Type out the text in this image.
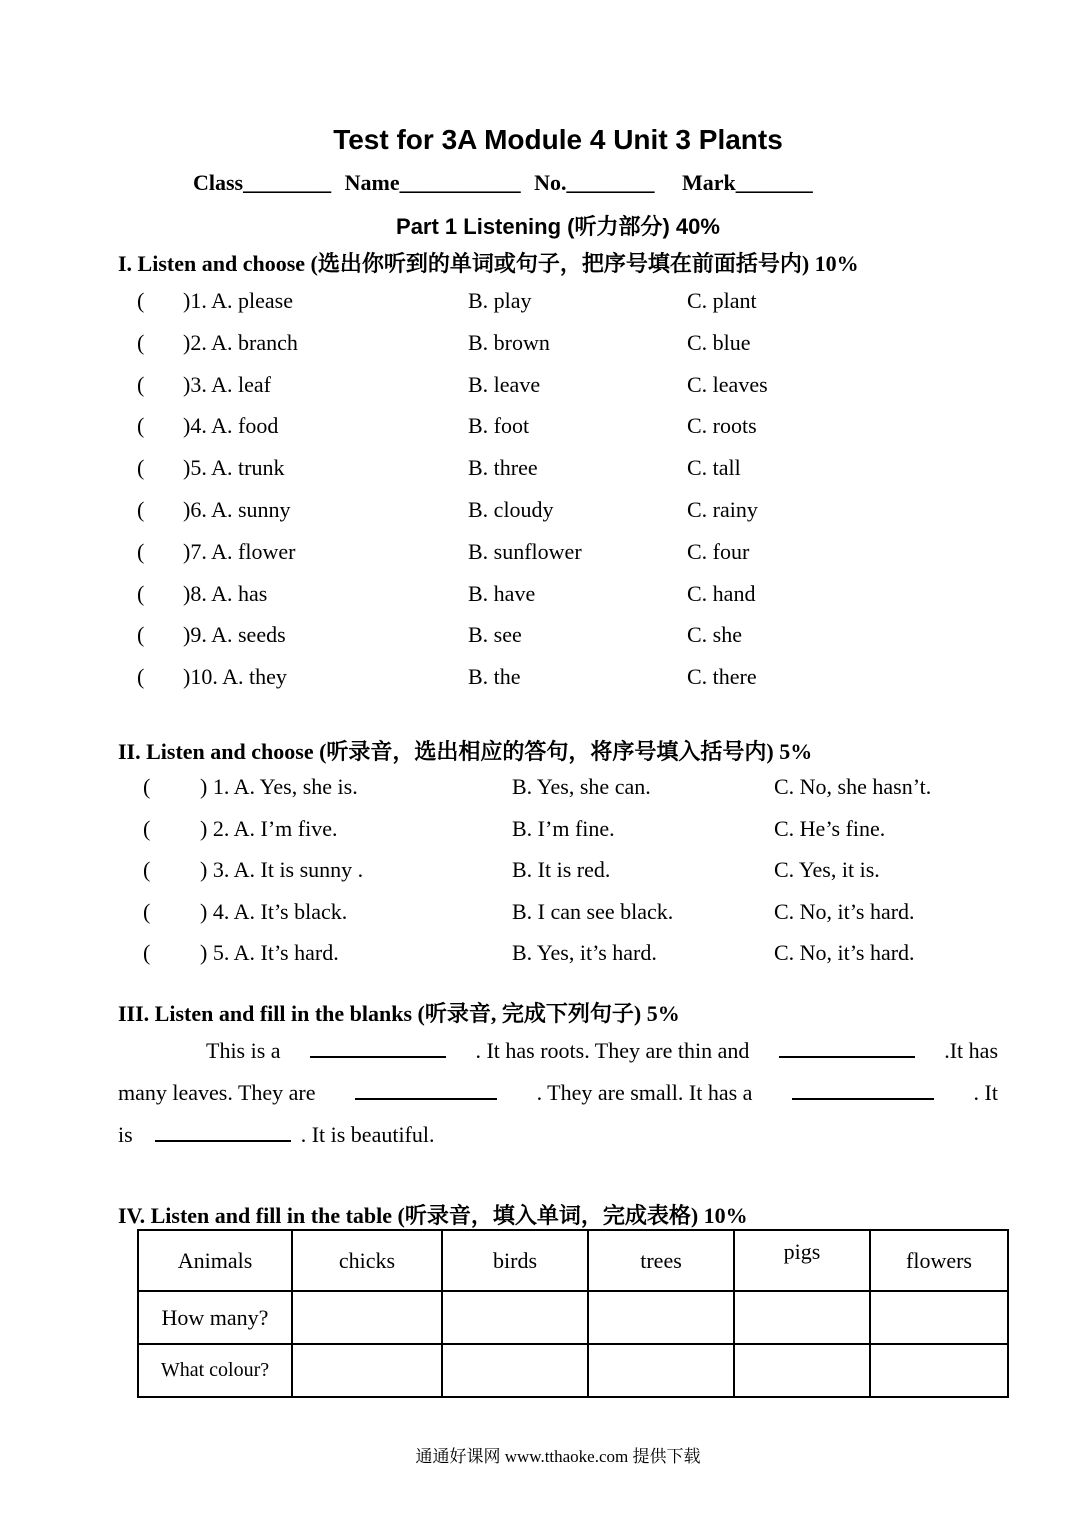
Test for 3A Module 4 Unit 3 Plants
Class________ Name___________ No.________ Mark_______
Part 1 Listening (听力部分) 40%
I. Listen and choose (选出你听到的单词或句子，把序号填在前面括号内) 10%
( )1. A. please	B. play	C. plant
( )2. A. branch	B. brown	C. blue
( )3. A. leaf	B. leave	C. leaves
( )4. A. food	B. foot	C. roots
( )5. A. trunk	B. three	C. tall
( )6. A. sunny	B. cloudy	C. rainy
( )7. A. flower	B. sunflower	C. four
( )8. A. has	B. have	C. hand
( )9. A. seeds	B. see	C. she
( )10. A. they	B. the	C. there
II. Listen and choose (听录音，选出相应的答句，将序号填入括号内) 5%
( ) 1. A. Yes, she is.	B. Yes, she can.	C. No, she hasn’t.
( ) 2. A. I’m five.	B. I’m fine.	C. He’s fine.
( ) 3. A. It is sunny .	B. It is red.	C. Yes, it is.
( ) 4. A. It’s black.	B. I can see black.	C. No, it’s hard.
( ) 5. A. It’s hard.	B. Yes, it’s hard.	C. No, it’s hard.
III. Listen and fill in the blanks (听录音, 完成下列句子) 5%
This is a	. It has roots. They are thin and	.It has
many leaves. They are	. They are small. It has a	. It
is	. It is beautiful.
IV. Listen and fill in the table (听录音，填入单词，完成表格) 10%
Animals	chicks	birds	trees	pigs	flowers
How many?					
What colour?					
通通好课网 www.tthaoke.com 提供下载
